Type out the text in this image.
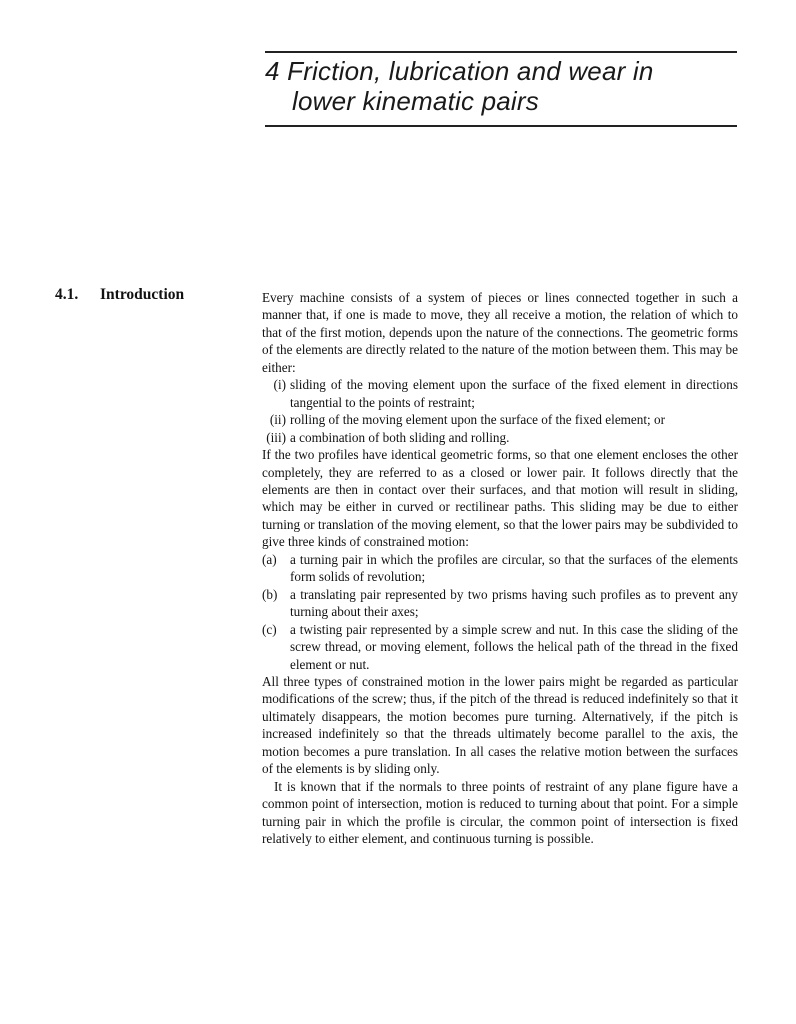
4 Friction, lubrication and wear in
lower kinematic pairs
4.1. Introduction	Every machine consists of a system of pieces or lines connected together in such a manner that, if one is made to move, they all receive a motion, the relation of which to that of the first motion, depends upon the nature of the connections. The geometric forms of the elements are directly related to the nature of the motion between them. This may be either:

(i) sliding of the moving element upon the surface of the fixed element in directions tangential to the points of restraint;
(ii) rolling of the moving element upon the surface of the fixed element; or
(iii) a combination of both sliding and rolling.

If the two profiles have identical geometric forms, so that one element encloses the other completely, they are referred to as a closed or lower pair. It follows directly that the elements are then in contact over their surfaces, and that motion will result in sliding, which may be either in curved or rectilinear paths. This sliding may be due to either turning or translation of the moving element, so that the lower pairs may be subdivided to give three kinds of constrained motion:

(a)	a turning pair in which the profiles are circular, so that the surfaces of the elements form solids of revolution;
(b) a translating pair represented by two prisms having such profiles as to prevent any turning about their axes;
(c)	a twisting pair represented by a simple screw and nut. In this case the sliding of the screw thread, or moving element, follows the helical path of the thread in the fixed element or nut.

All three types of constrained motion in the lower pairs might be regarded as particular modifications of the screw; thus, if the pitch of the thread is reduced indefinitely so that it ultimately disappears, the motion becomes pure turning. Alternatively, if the pitch is increased indefinitely so that the threads ultimately become parallel to the axis, the motion becomes a pure translation. In all cases the relative motion between the surfaces of the elements is by sliding only.

It is known that if the normals to three points of restraint of any plane figure have a common point of intersection, motion is reduced to turning about that point. For a simple turning pair in which the profile is circular, the common point of intersection is fixed relatively to either element, and continuous turning is possible.
